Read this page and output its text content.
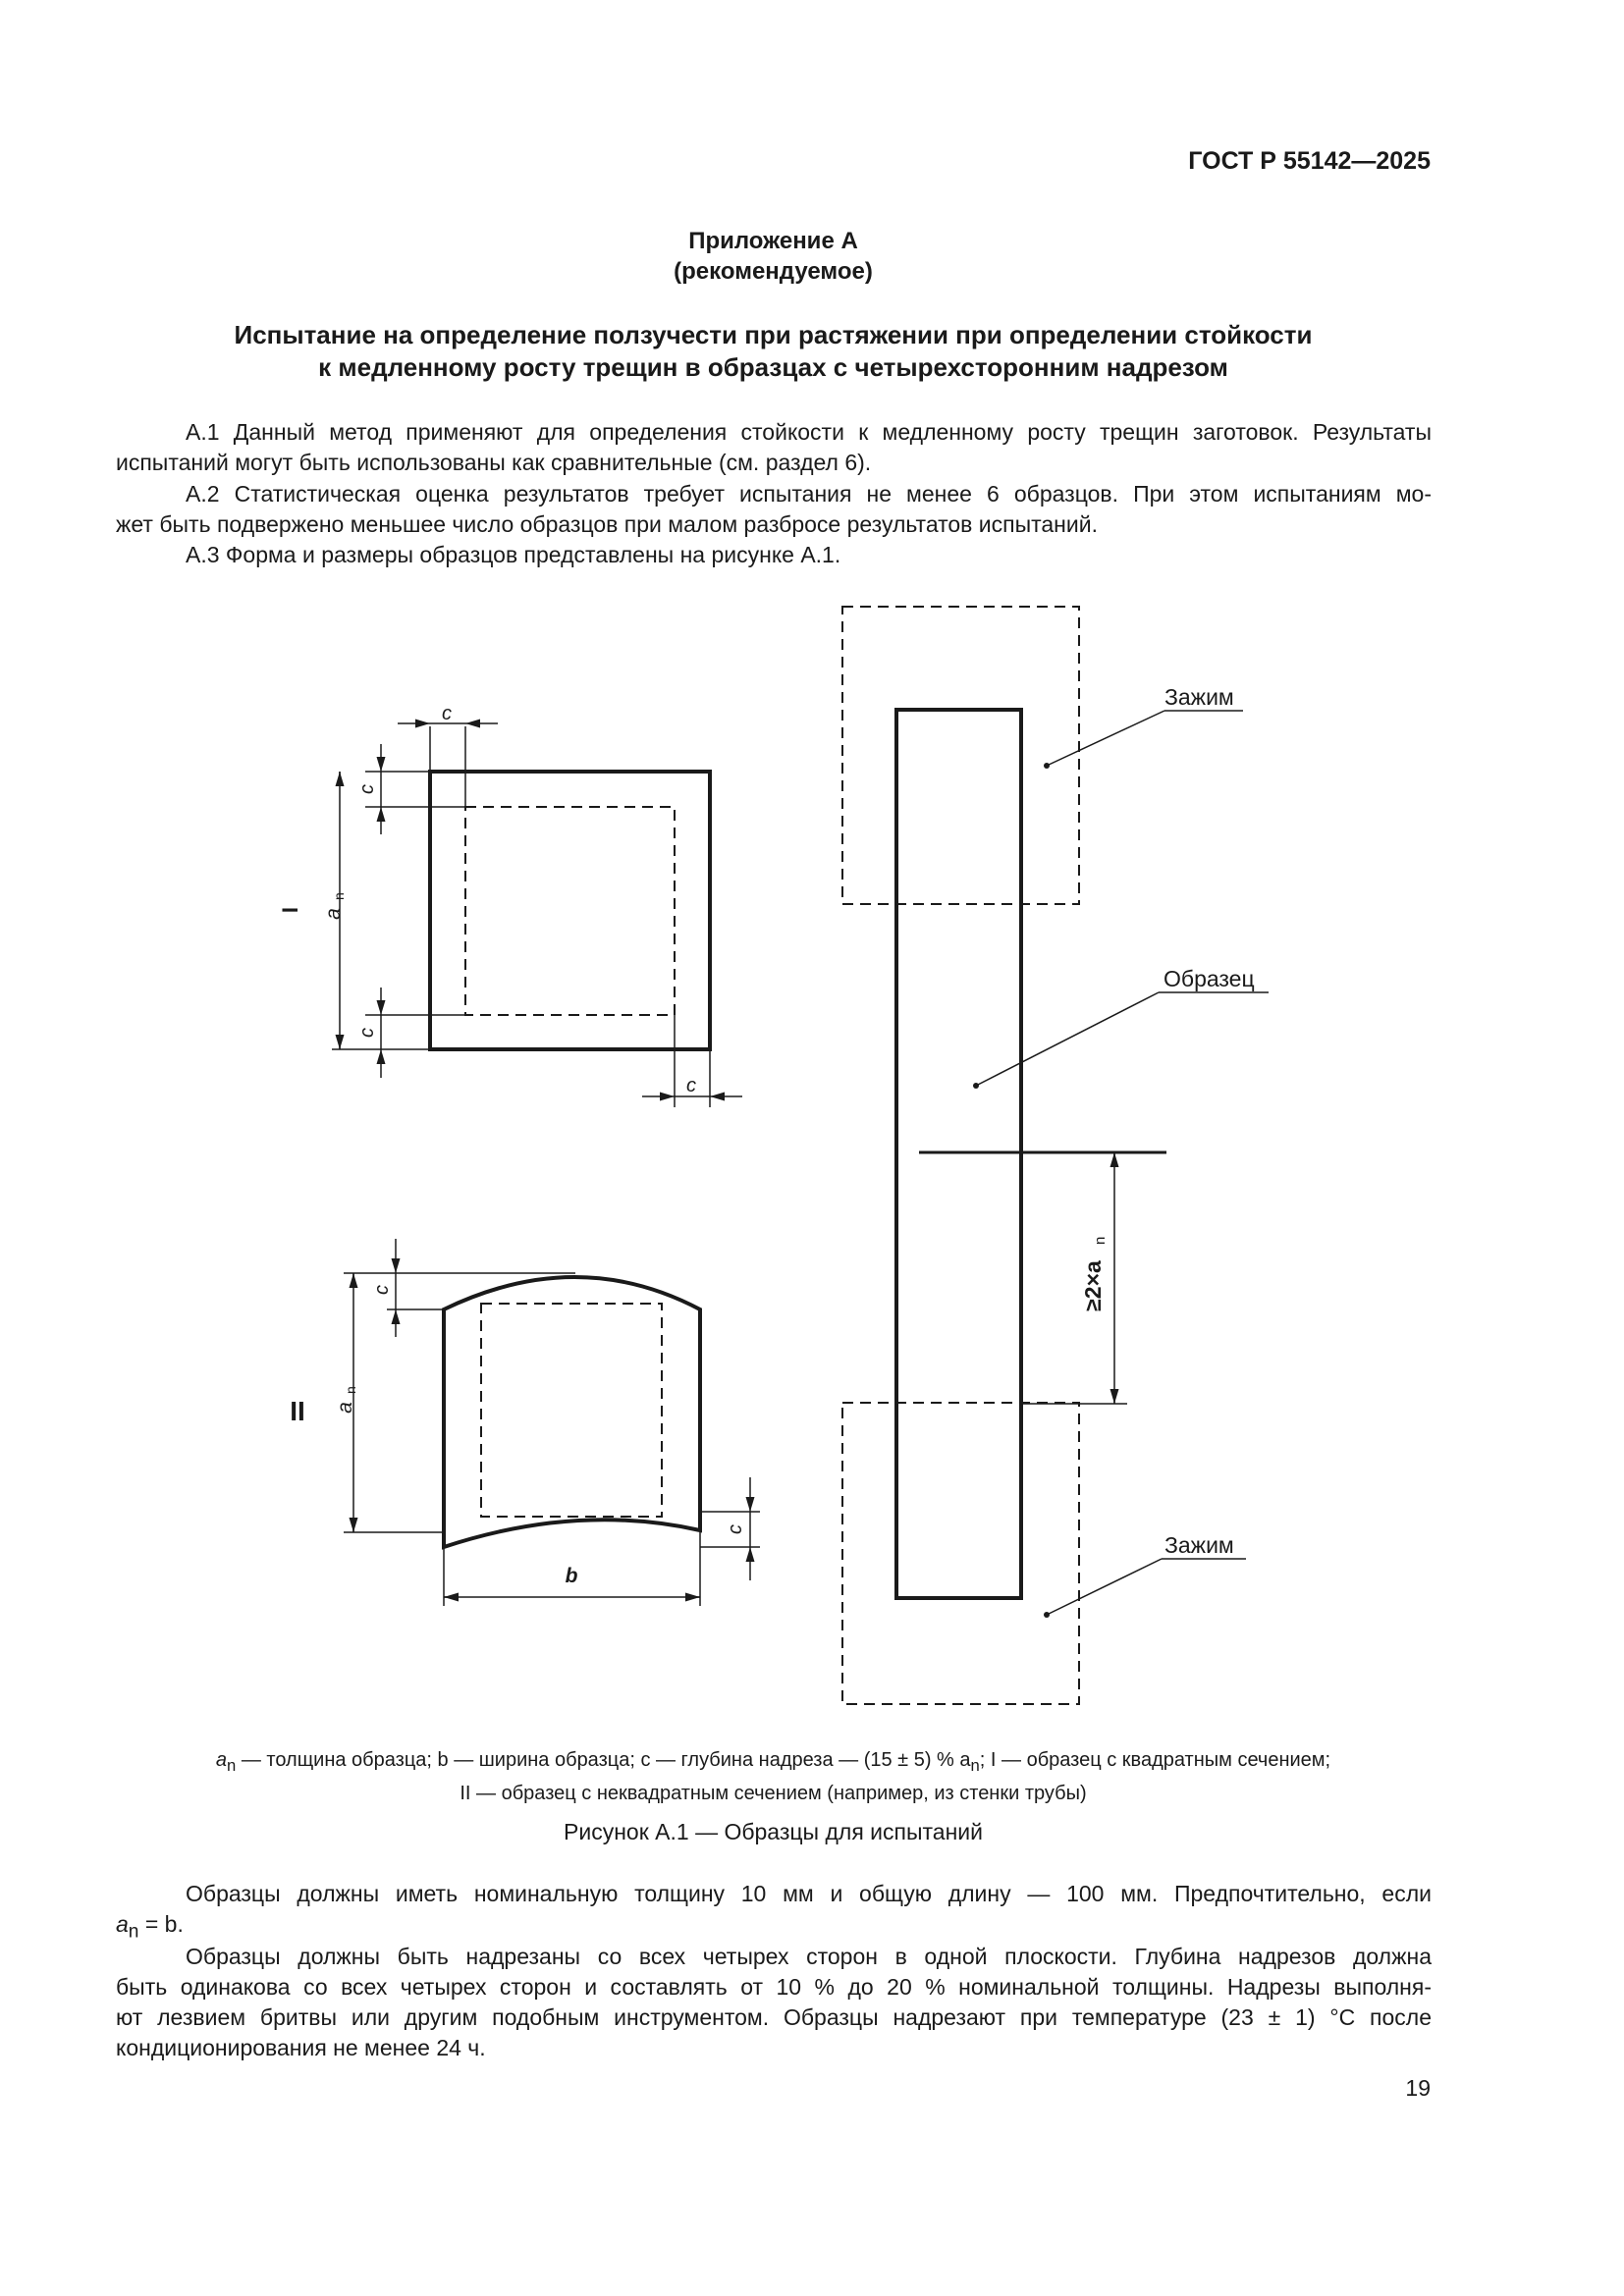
ГОСТ Р 55142—2025
Приложение А
(рекомендуемое)
Испытание на определение ползучести при растяжении при определении стойкости
к медленному росту трещин в образцах с четырехсторонним надрезом
А.1 Данный метод применяют для определения стойкости к медленному росту трещин заготовок. Результаты
испытаний могут быть использованы как сравнительные (см. раздел 6).
А.2 Статистическая оценка результатов требует испытания не менее 6 образцов. При этом испытаниям мо-
жет быть подвержено меньшее число образцов при малом разбросе результатов испытаний.
А.3 Форма и размеры образцов представлены на рисунке А.1.
c
c
c
c
a
n
I
c
c
b
a
n
II
Зажим
Образец
Зажим
≥2×a
n
$a_n$ — толщина образца; b — ширина образца; c — глубина надреза — (15 ± 5) % $a_n$; I — образец с квадратным сечением;
II — образец с неквадратным сечением (например, из стенки трубы)
Рисунок А.1 — Образцы для испытаний
Образцы должны иметь номинальную толщину 10 мм и общую длину — 100 мм. Предпочтительно, если
$a_n = b$.
Образцы должны быть надрезаны со всех четырех сторон в одной плоскости. Глубина надрезов должна
быть одинакова со всех четырех сторон и составлять от 10 % до 20 % номинальной толщины. Надрезы выполня-
ют лезвием бритвы или другим подобным инструментом. Образцы надрезают при температуре (23 ± 1) °С после
кондиционирования не менее 24 ч.
19
